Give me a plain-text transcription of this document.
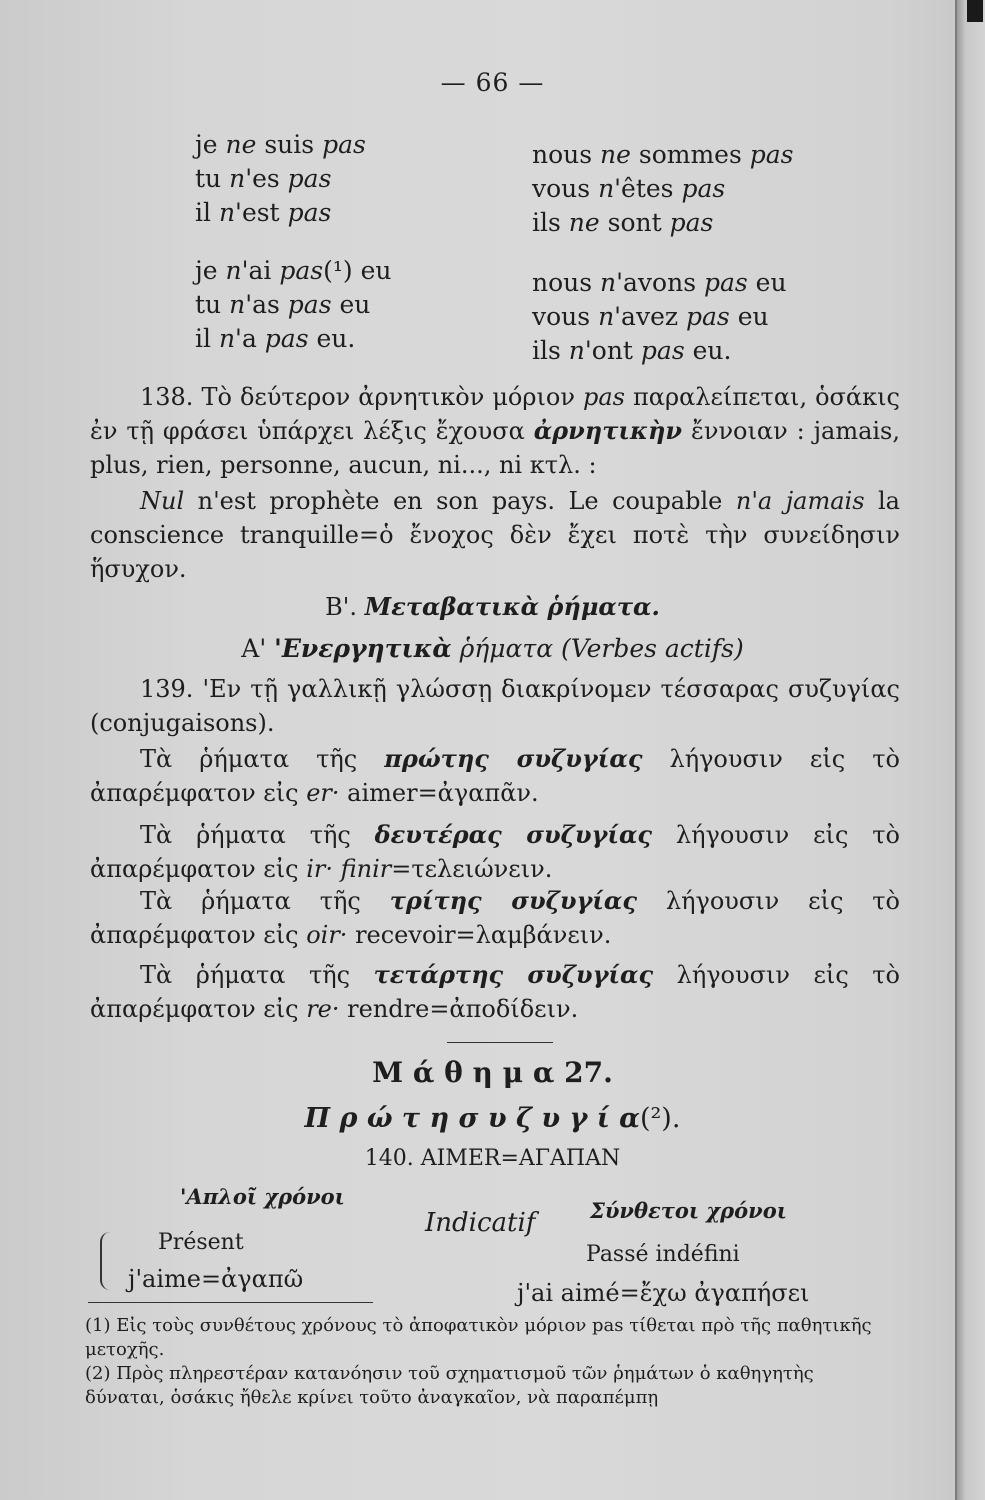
— 66 —
je ne suis pas
tu n'es pas
il n'est pas
nous ne sommes pas
vous n'êtes pas
ils ne sont pas
je n'ai pas(¹) eu
tu n'as pas eu
il n'a pas eu.
nous n'avons pas eu
vous n'avez pas eu
ils n'ont pas eu.
138. Τὸ δεύτερον ἀρνητικὸν μόριον pas παραλείπεται, ὁσάκις ἐν τῇ φράσει ὑπάρχει λέξις ἔχουσα ἀρνητικὴν ἔννοιαν : jamais, plus, rien, personne, aucun, ni..., ni κτλ. :
Nul n'est prophète en son pays. Le coupable n'a jamais la conscience tranquille=ὁ ἔνοχος δὲν ἔχει ποτὲ τὴν συνείδησιν ἥσυχον.
Β'. Μεταβατικὰ ῥήματα.
Α' 'Ενεργητικὰ ῥήματα (Verbes actifs)
139. 'Εν τῇ γαλλικῇ γλώσσῃ διακρίνομεν τέσσαρας συζυγίας (conjugaisons).
Τὰ ῥήματα τῆς πρώτης συζυγίας λήγουσιν εἰς τὸ ἀπαρέμφατον εἰς er· aimer=ἀγαπᾶν.
Τὰ ῥήματα τῆς δευτέρας συζυγίας λήγουσιν εἰς τὸ ἀπαρέμφατον εἰς ir· finir=τελειώνειν.
Τὰ ῥήματα τῆς τρίτης συζυγίας λήγουσιν εἰς τὸ ἀπαρέμφατον εἰς oir· recevoir=λαμβάνειν.
Τὰ ῥήματα τῆς τετάρτης συζυγίας λήγουσιν εἰς τὸ ἀπαρέμφατον εἰς re· rendre=ἀποδίδειν.
Μ ά θ η μ α 27.
Π ρ ώ τ η σ υ ζ υ γ ί α(²).
140. AIMER=ΑΓΑΠΑΝ
'Απλοῖ χρόνοι
Σύνθετοι χρόνοι
Indicatif
Présent
j'aime=ἀγαπῶ
Passé indéfini
j'ai aimé=ἔχω ἀγαπήσει
(1) Εἰς τοὺς συνθέτους χρόνους τὸ ἀποφατικὸν μόριον pas τίθεται πρὸ τῆς παθητικῆς μετοχῆς.
(2) Πρὸς πληρεστέραν κατανόησιν τοῦ σχηματισμοῦ τῶν ῥημάτων ὁ καθηγητὴς δύναται, ὁσάκις ἤθελε κρίνει τοῦτο ἀναγκαῖον, νὰ παραπέμπῃ
